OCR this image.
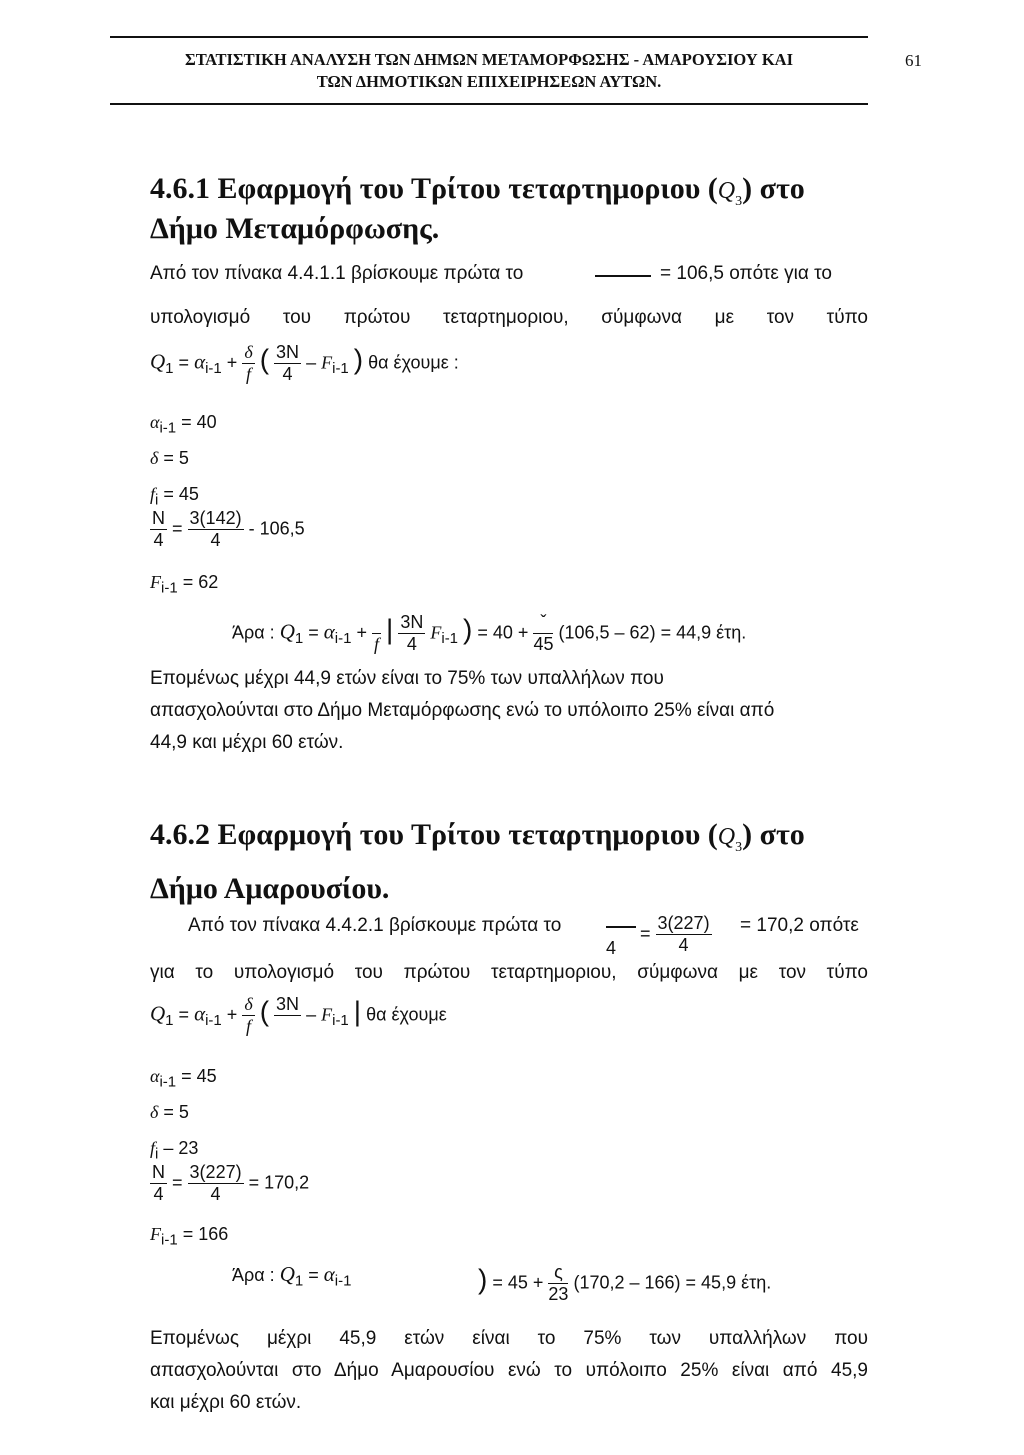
ΣΤΑΤΙΣΤΙΚΗ ΑΝΑΛΥΣΗ ΤΩΝ ΔΗΜΩΝ ΜΕΤΑΜΟΡΦΩΣΗΣ - ΑΜΑΡΟΥΣΙΟΥ ΚΑΙ
ΤΩΝ ΔΗΜΟΤΙΚΩΝ ΕΠΙΧΕΙΡΗΣΕΩΝ ΑΥΤΩΝ.
61
4.6.1 Εφαρμογή του Τρίτου τεταρτημοριου $(Q_3)$ στο
Δήμο Μεταμόρφωσης.
Από τον πίνακα 4.4.1.1 βρίσκουμε πρώτα το	= 106,5 οπότε για το
υπολογισμό του πρώτου τεταρτημοριου, σύμφωνα με τον τύπο
$Q_1 = \alpha_{i-1} + \frac{\delta}{f}$ ( $\frac{3N}{4} - F_{i-1}$ ) θα έχουμε :
$\alpha_{i-1} = 40$
δ = 5
$f_i = 45$
$\frac{N}{4} = \frac{3(142)}{4} - 106,5$
$F_{i-1} = 62$
Άρα : $Q_1 = \alpha_{i-1}$ +

f | $\frac{3N}{4} F_{i-1}$ ) = $40 + \frac{\text{ˇ}}{45} (106,5 - 62) = 44,9$ έτη.
Επομένως μέχρι 44,9 ετών είναι το 75% των υπαλλήλων που
απασχολούνται στο Δήμο Μεταμόρφωσης ενώ το υπόλοιπο 25% είναι από
44,9 και μέχρι 60 ετών.
4.6.2 Εφαρμογή του Τρίτου τεταρτημοριου $(Q_3)$ στο
Δήμο Αμαρουσίου.
Από τον πίνακα 4.4.2.1 βρίσκουμε πρώτα το	= $\frac{3(227)}{4} = 170,2$ οπότε
4
για το υπολογισμό του πρώτου τεταρτημοριου, σύμφωνα με τον τύπο
$Q_1 = \alpha_{i-1} + \frac{\delta}{f}$ ( 3N

– $F_{i-1}$ | θα έχουμε
$\alpha_{i-1} = 45$
δ = 5
$f_i - 23$
$\frac{N}{4} = \frac{3(227)}{4} = 170,2$
$F_{i-1} = 166$
Άρα : $Q_1 = \alpha_{i-1}$	) = $45 + \frac{\varsigma}{23} (170,2 - 166) = 45,9$ έτη.
Επομένως μέχρι 45,9 ετών είναι το 75% των υπαλλήλων που
απασχολούνται στο Δήμο Αμαρουσίου ενώ το υπόλοιπο 25% είναι από 45,9
και μέχρι 60 ετών.
